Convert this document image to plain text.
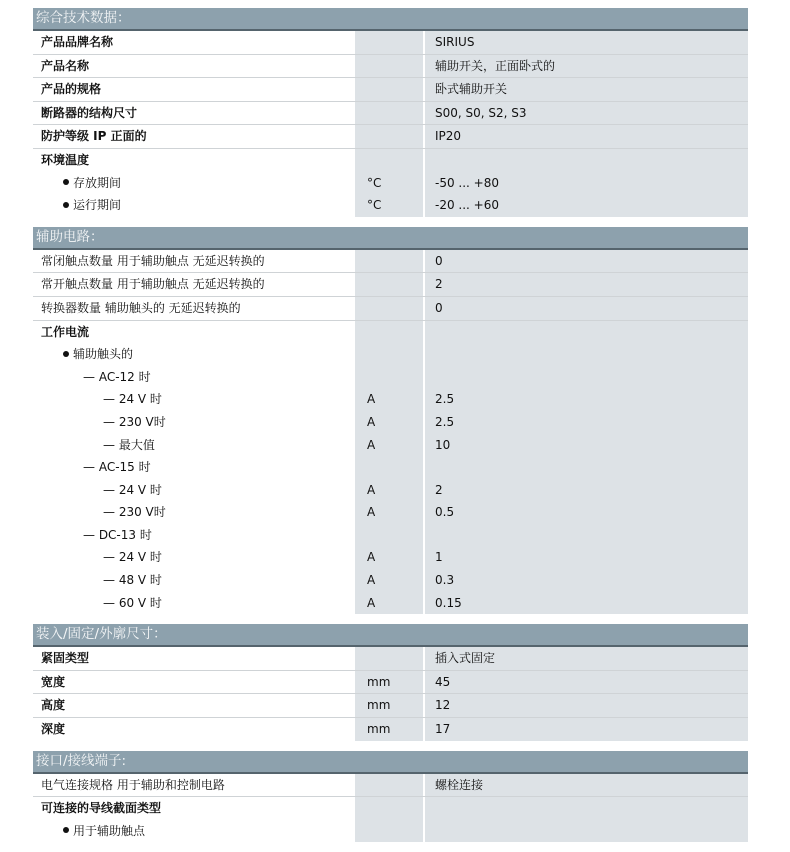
综合技术数据：
产品品牌名称	SIRIUS
产品名称	辅助开关，正面卧式的
产品的规格	卧式辅助开关
断路器的结构尺寸	S00, S0, S2, S3
防护等级 IP 正面的	IP20
环境温度
存放期间	°C	-50 ... +80
运行期间	°C	-20 ... +60
辅助电路：
常闭触点数量 用于辅助触点 无延迟转换的	0
常开触点数量 用于辅助触点 无延迟转换的	2
转换器数量 辅助触头的 无延迟转换的	0
工作电流
辅助触头的
— AC-12 时
— 24 V 时	A	2.5
— 230 V时	A	2.5
— 最大值	A	10
— AC-15 时
— 24 V 时	A	2
— 230 V时	A	0.5
— DC-13 时
— 24 V 时	A	1
— 48 V 时	A	0.3
— 60 V 时	A	0.15
装入/固定/外廓尺寸：
紧固类型	插入式固定
宽度	mm	45
高度	mm	12
深度	mm	17
接口/接线端子:
电气连接规格 用于辅助和控制电路	螺栓连接
可连接的导线截面类型
用于辅助触点
